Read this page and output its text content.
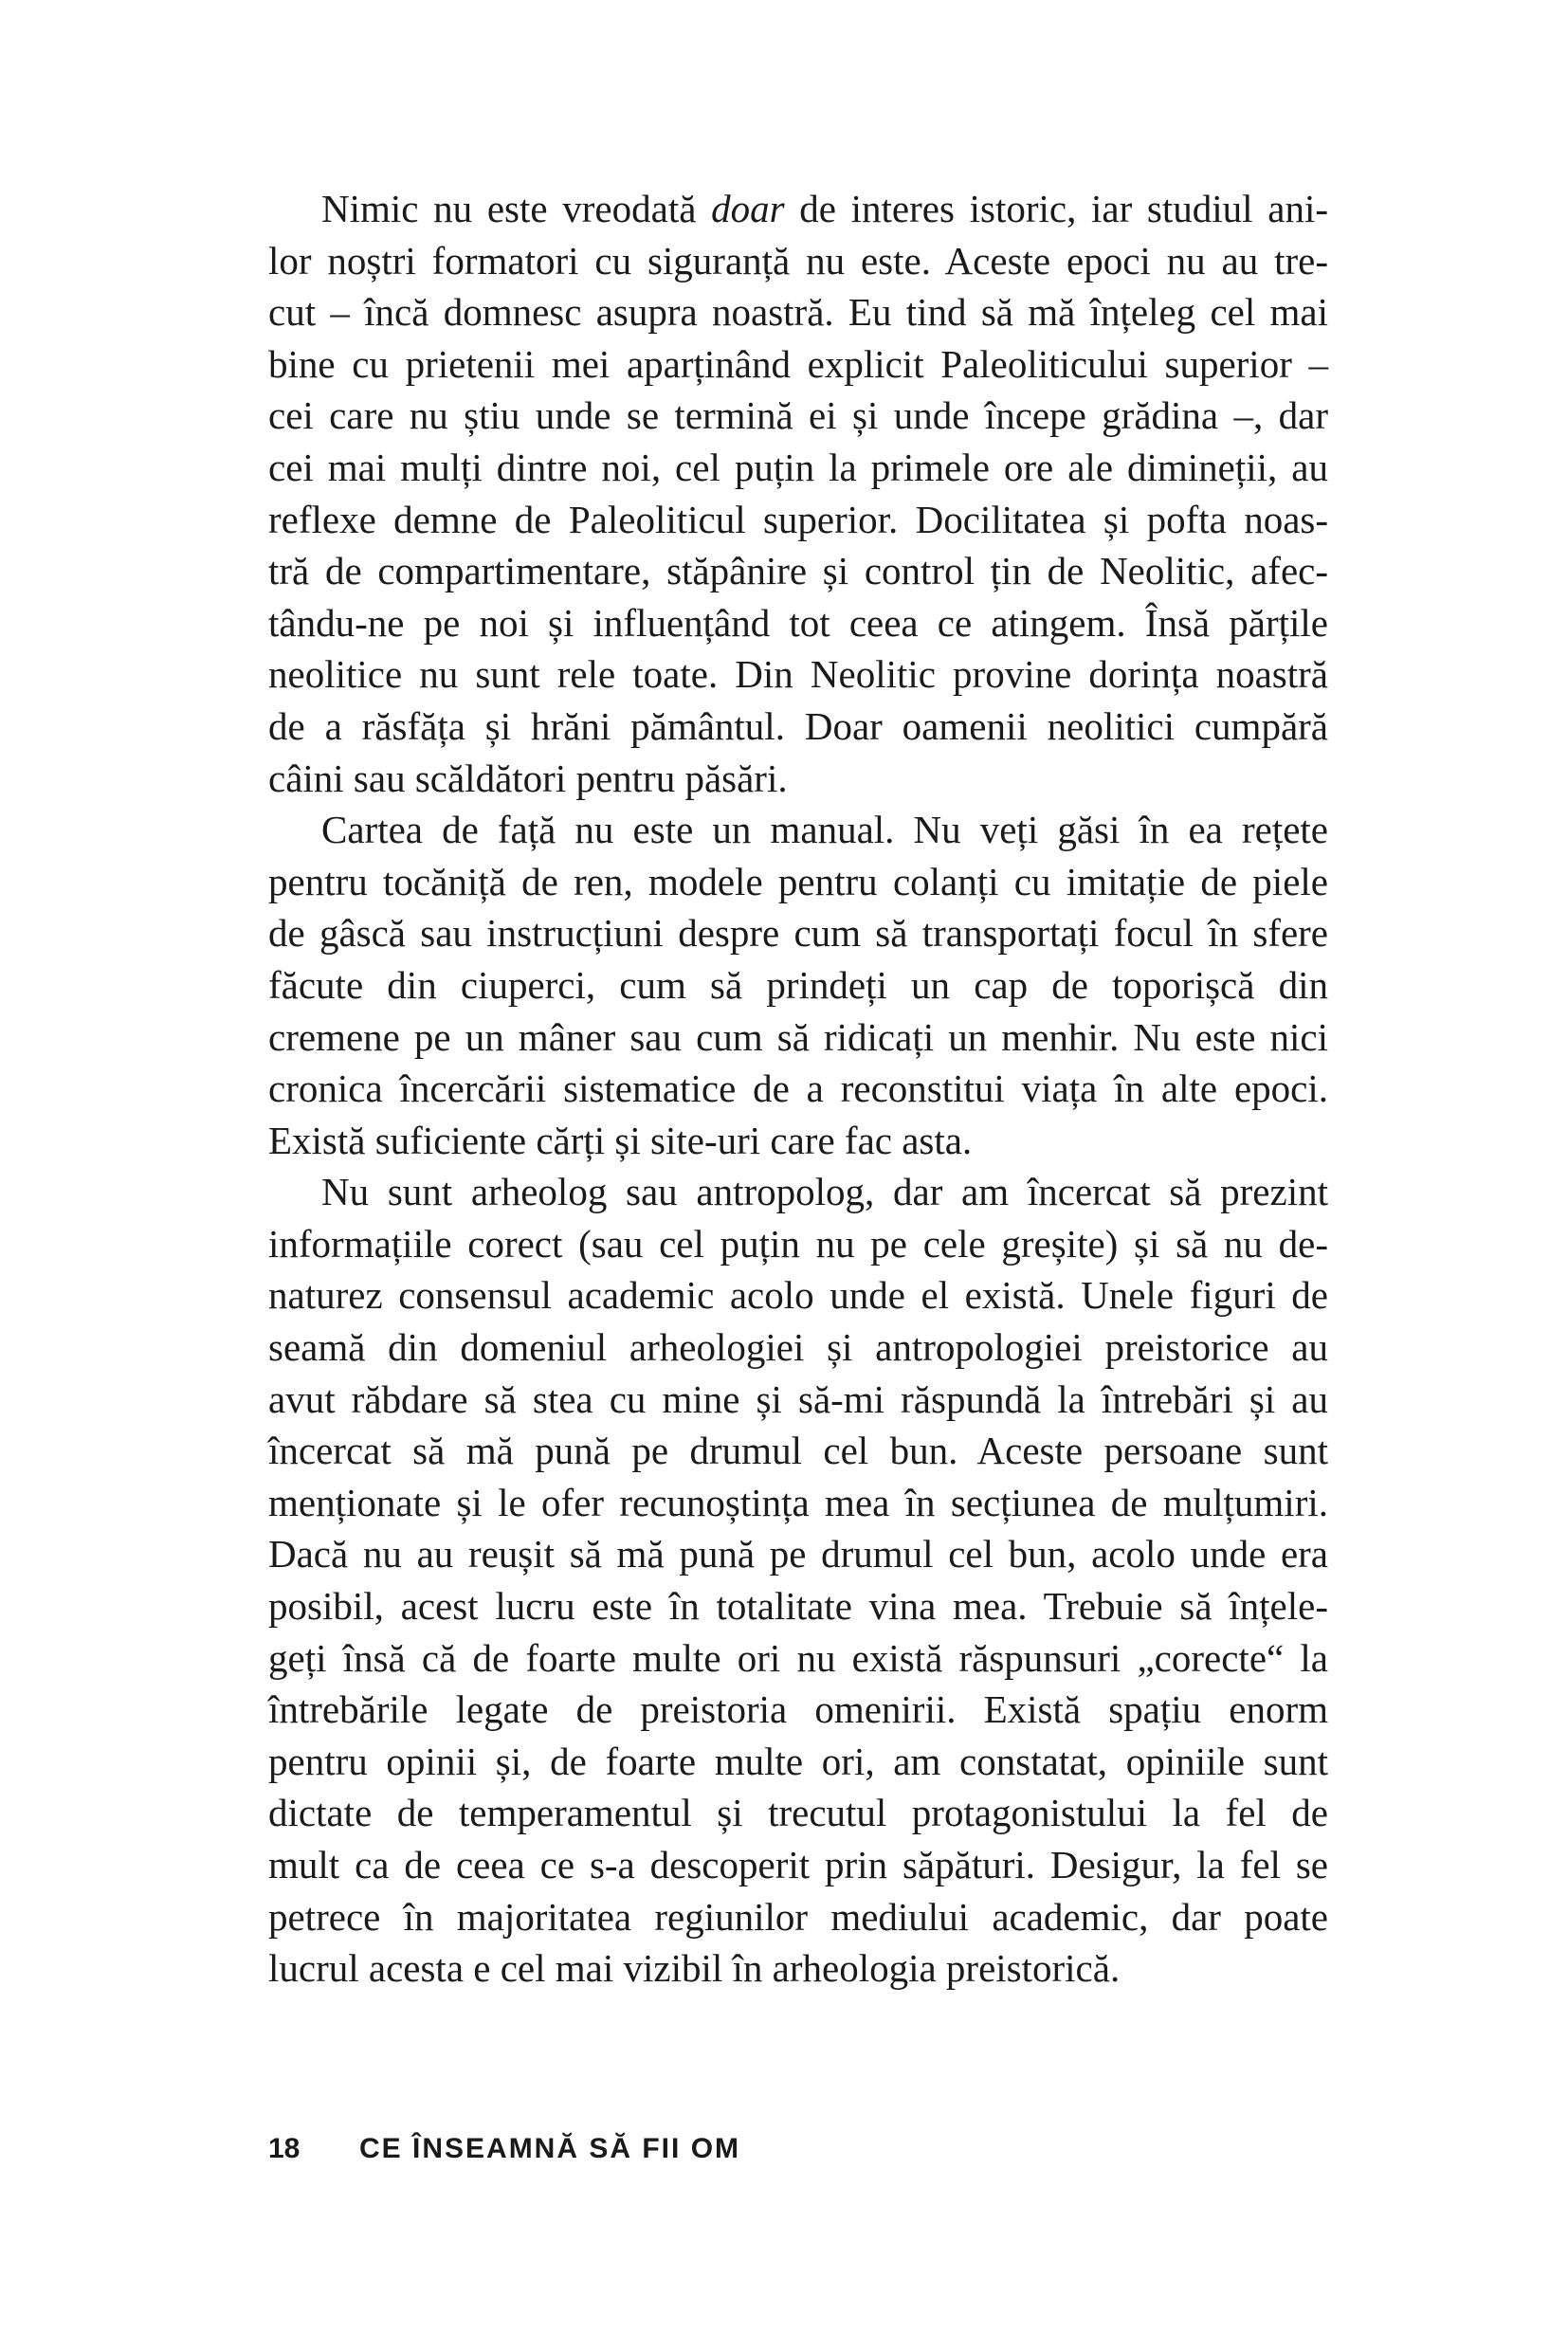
Nimic nu este vreodată doar de interes istoric, iar studiul ani-
lor noștri formatori cu siguranță nu este. Aceste epoci nu au tre-
cut – încă domnesc asupra noastră. Eu tind să mă înțeleg cel mai
bine cu prietenii mei aparținând explicit Paleoliticului superior –
cei care nu știu unde se termină ei și unde începe grădina –, dar
cei mai mulți dintre noi, cel puțin la primele ore ale dimineții, au
reflexe demne de Paleoliticul superior. Docilitatea și pofta noas-
tră de compartimentare, stăpânire și control țin de Neolitic, afec-
tându-ne pe noi și influențând tot ceea ce atingem. Însă părțile
neolitice nu sunt rele toate. Din Neolitic provine dorința noastră
de a răsfăța și hrăni pământul. Doar oamenii neolitici cumpără
câini sau scăldători pentru păsări.
Cartea de față nu este un manual. Nu veți găsi în ea rețete
pentru tocăniță de ren, modele pentru colanți cu imitație de piele
de gâscă sau instrucțiuni despre cum să transportați focul în sfere
făcute din ciuperci, cum să prindeți un cap de toporișcă din
cremene pe un mâner sau cum să ridicați un menhir. Nu este nici
cronica încercării sistematice de a reconstitui viața în alte epoci.
Există suficiente cărți și site-uri care fac asta.
Nu sunt arheolog sau antropolog, dar am încercat să prezint
informațiile corect (sau cel puțin nu pe cele greșite) și să nu de-
naturez consensul academic acolo unde el există. Unele figuri de
seamă din domeniul arheologiei și antropologiei preistorice au
avut răbdare să stea cu mine și să-mi răspundă la întrebări și au
încercat să mă pună pe drumul cel bun. Aceste persoane sunt
menționate și le ofer recunoștința mea în secțiunea de mulțumiri.
Dacă nu au reușit să mă pună pe drumul cel bun, acolo unde era
posibil, acest lucru este în totalitate vina mea. Trebuie să înțele-
geți însă că de foarte multe ori nu există răspunsuri „corecte“ la
întrebările legate de preistoria omenirii. Există spațiu enorm
pentru opinii și, de foarte multe ori, am constatat, opiniile sunt
dictate de temperamentul și trecutul protagonistului la fel de
mult ca de ceea ce s-a descoperit prin săpături. Desigur, la fel se
petrece în majoritatea regiunilor mediului academic, dar poate
lucrul acesta e cel mai vizibil în arheologia preistorică.
18 CE ÎNSEAMNĂ SĂ FII OM
